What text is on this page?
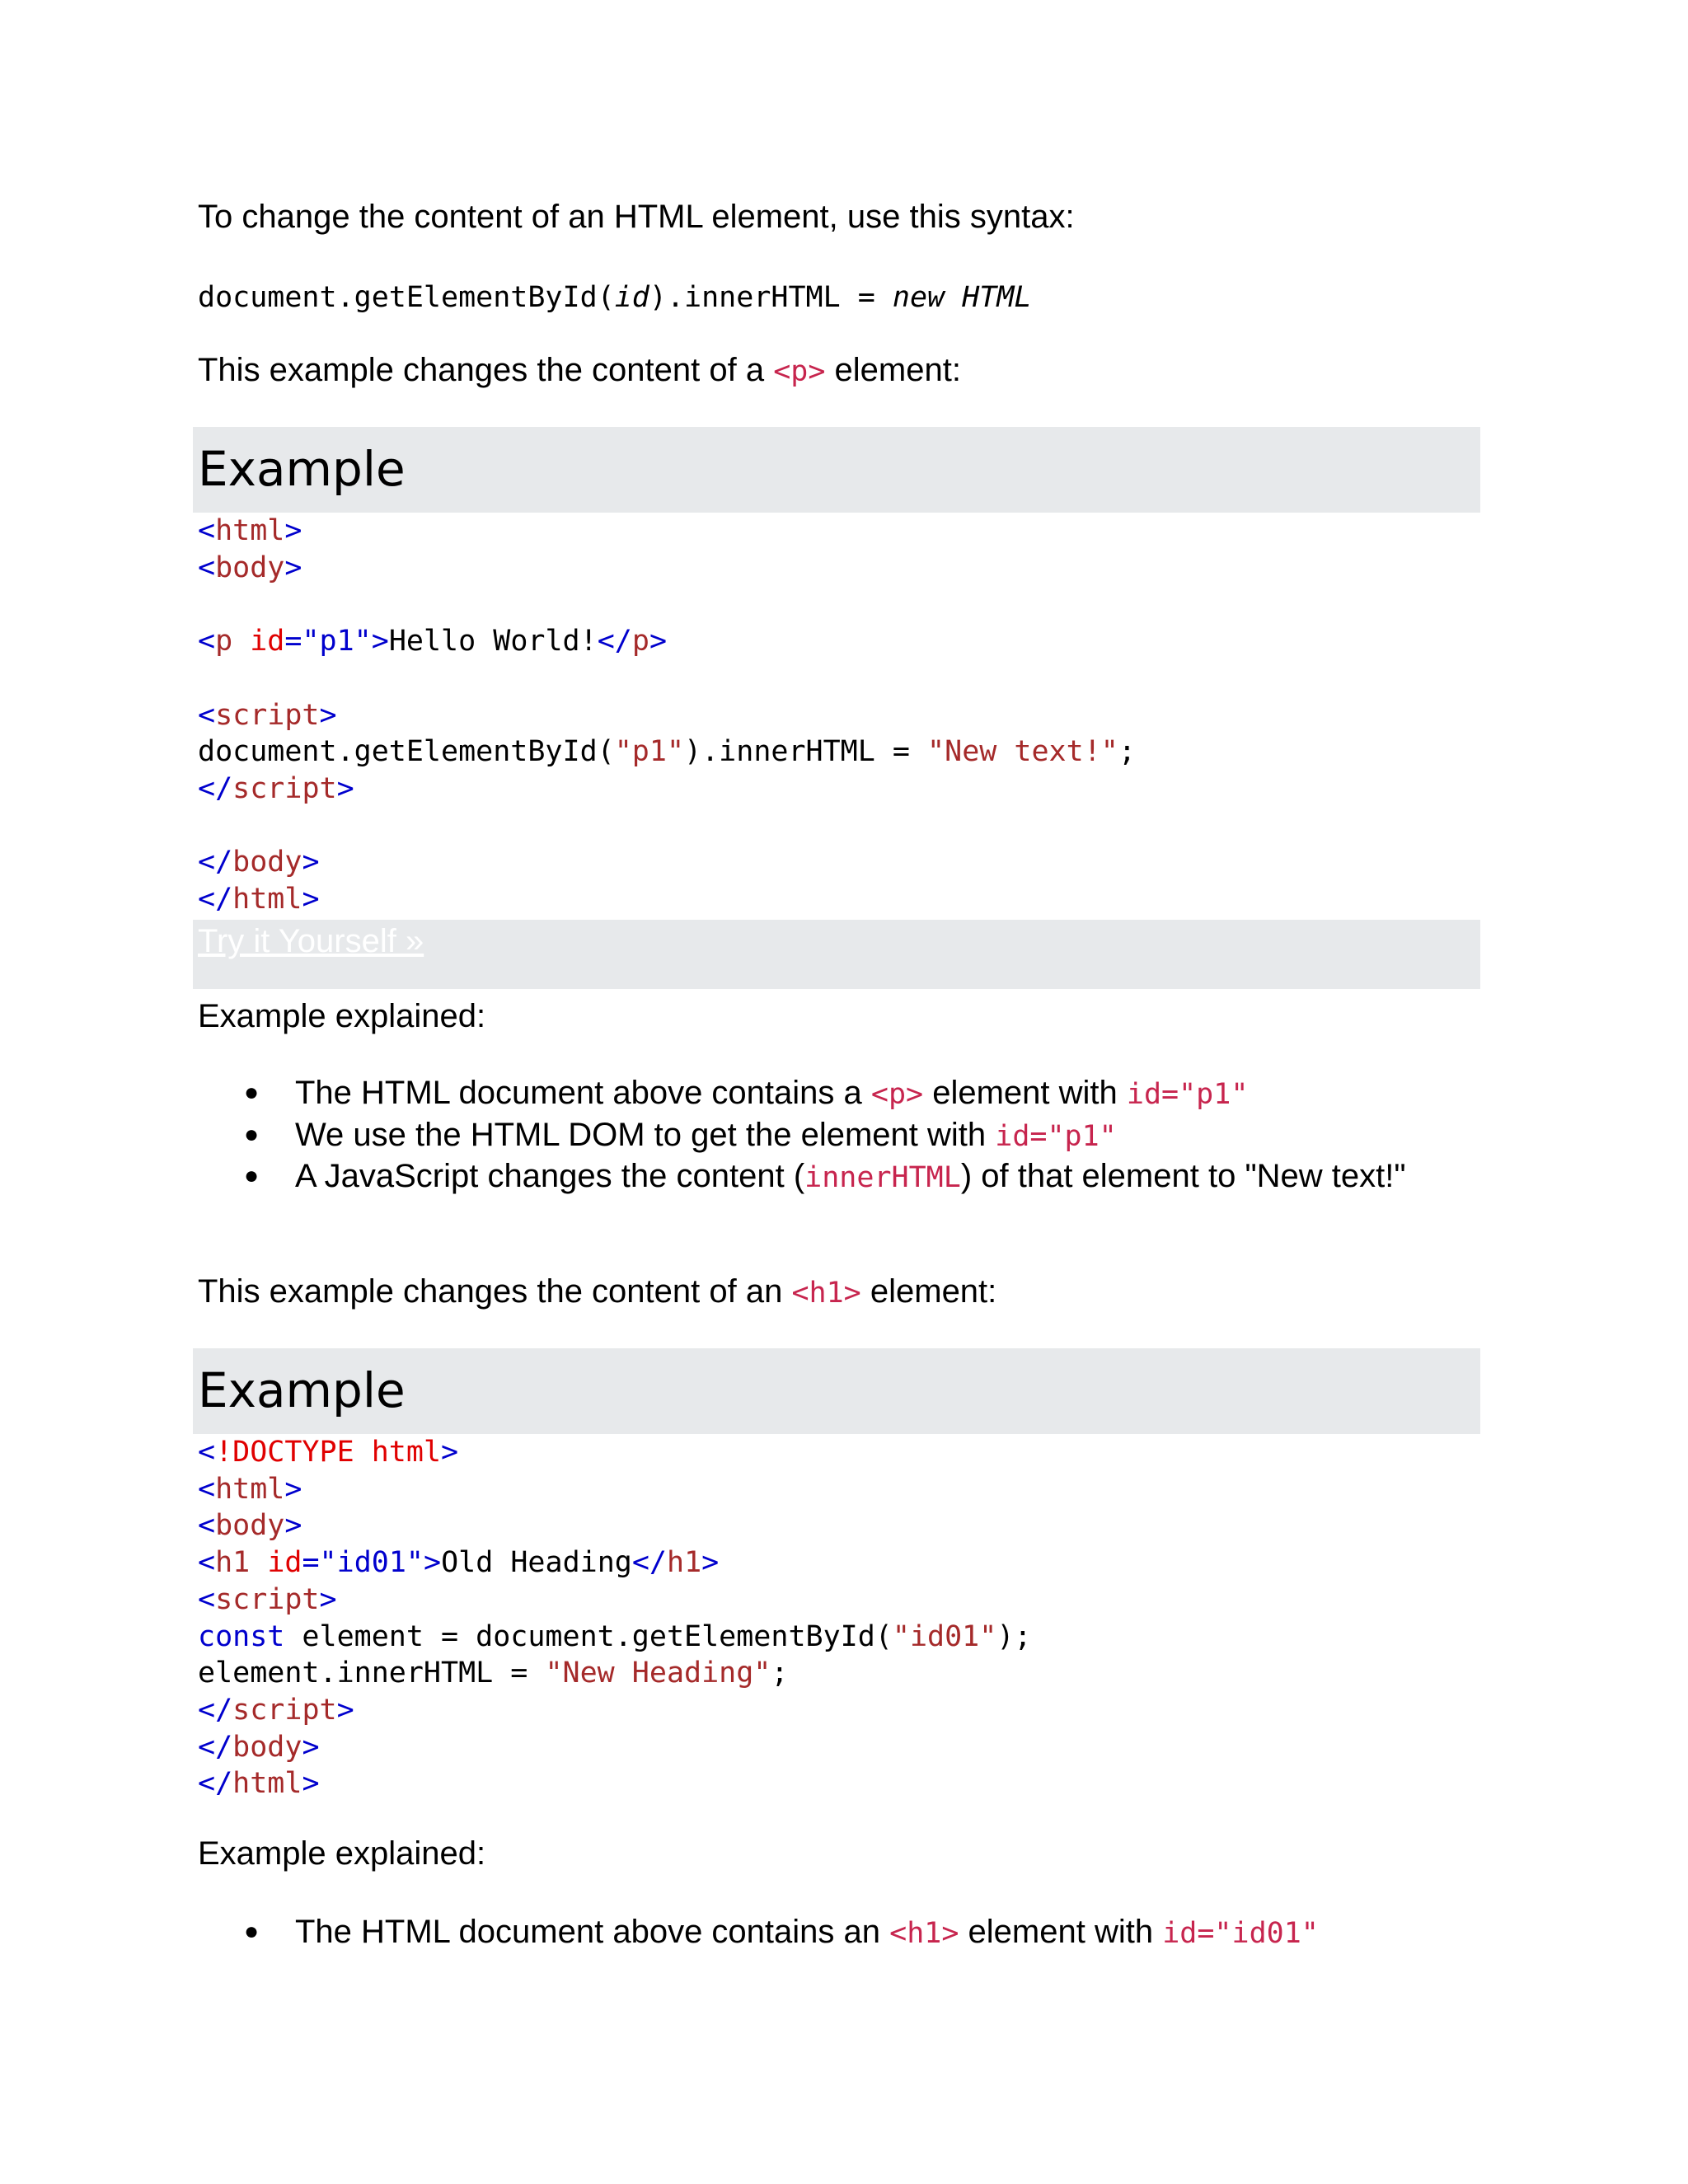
To change the content of an HTML element, use this syntax:

document.getElementById(id).innerHTML = new HTML

This example changes the content of a <p> element:

Example
<html>
<body>

<p id="p1">Hello World!</p>

<script>
document.getElementById("p1").innerHTML = "New text!";
</script>

</body>
</html>
Try it Yourself »

Example explained:

● The HTML document above contains a <p> element with id="p1"
● We use the HTML DOM to get the element with id="p1"
● A JavaScript changes the content (innerHTML) of that element to "New text!"

This example changes the content of an <h1> element:

Example
<!DOCTYPE html>
<html>
<body>
<h1 id="id01">Old Heading</h1>
<script>
const element = document.getElementById("id01");
element.innerHTML = "New Heading";
</script>
</body>
</html>

Example explained:

● The HTML document above contains an <h1> element with id="id01"
